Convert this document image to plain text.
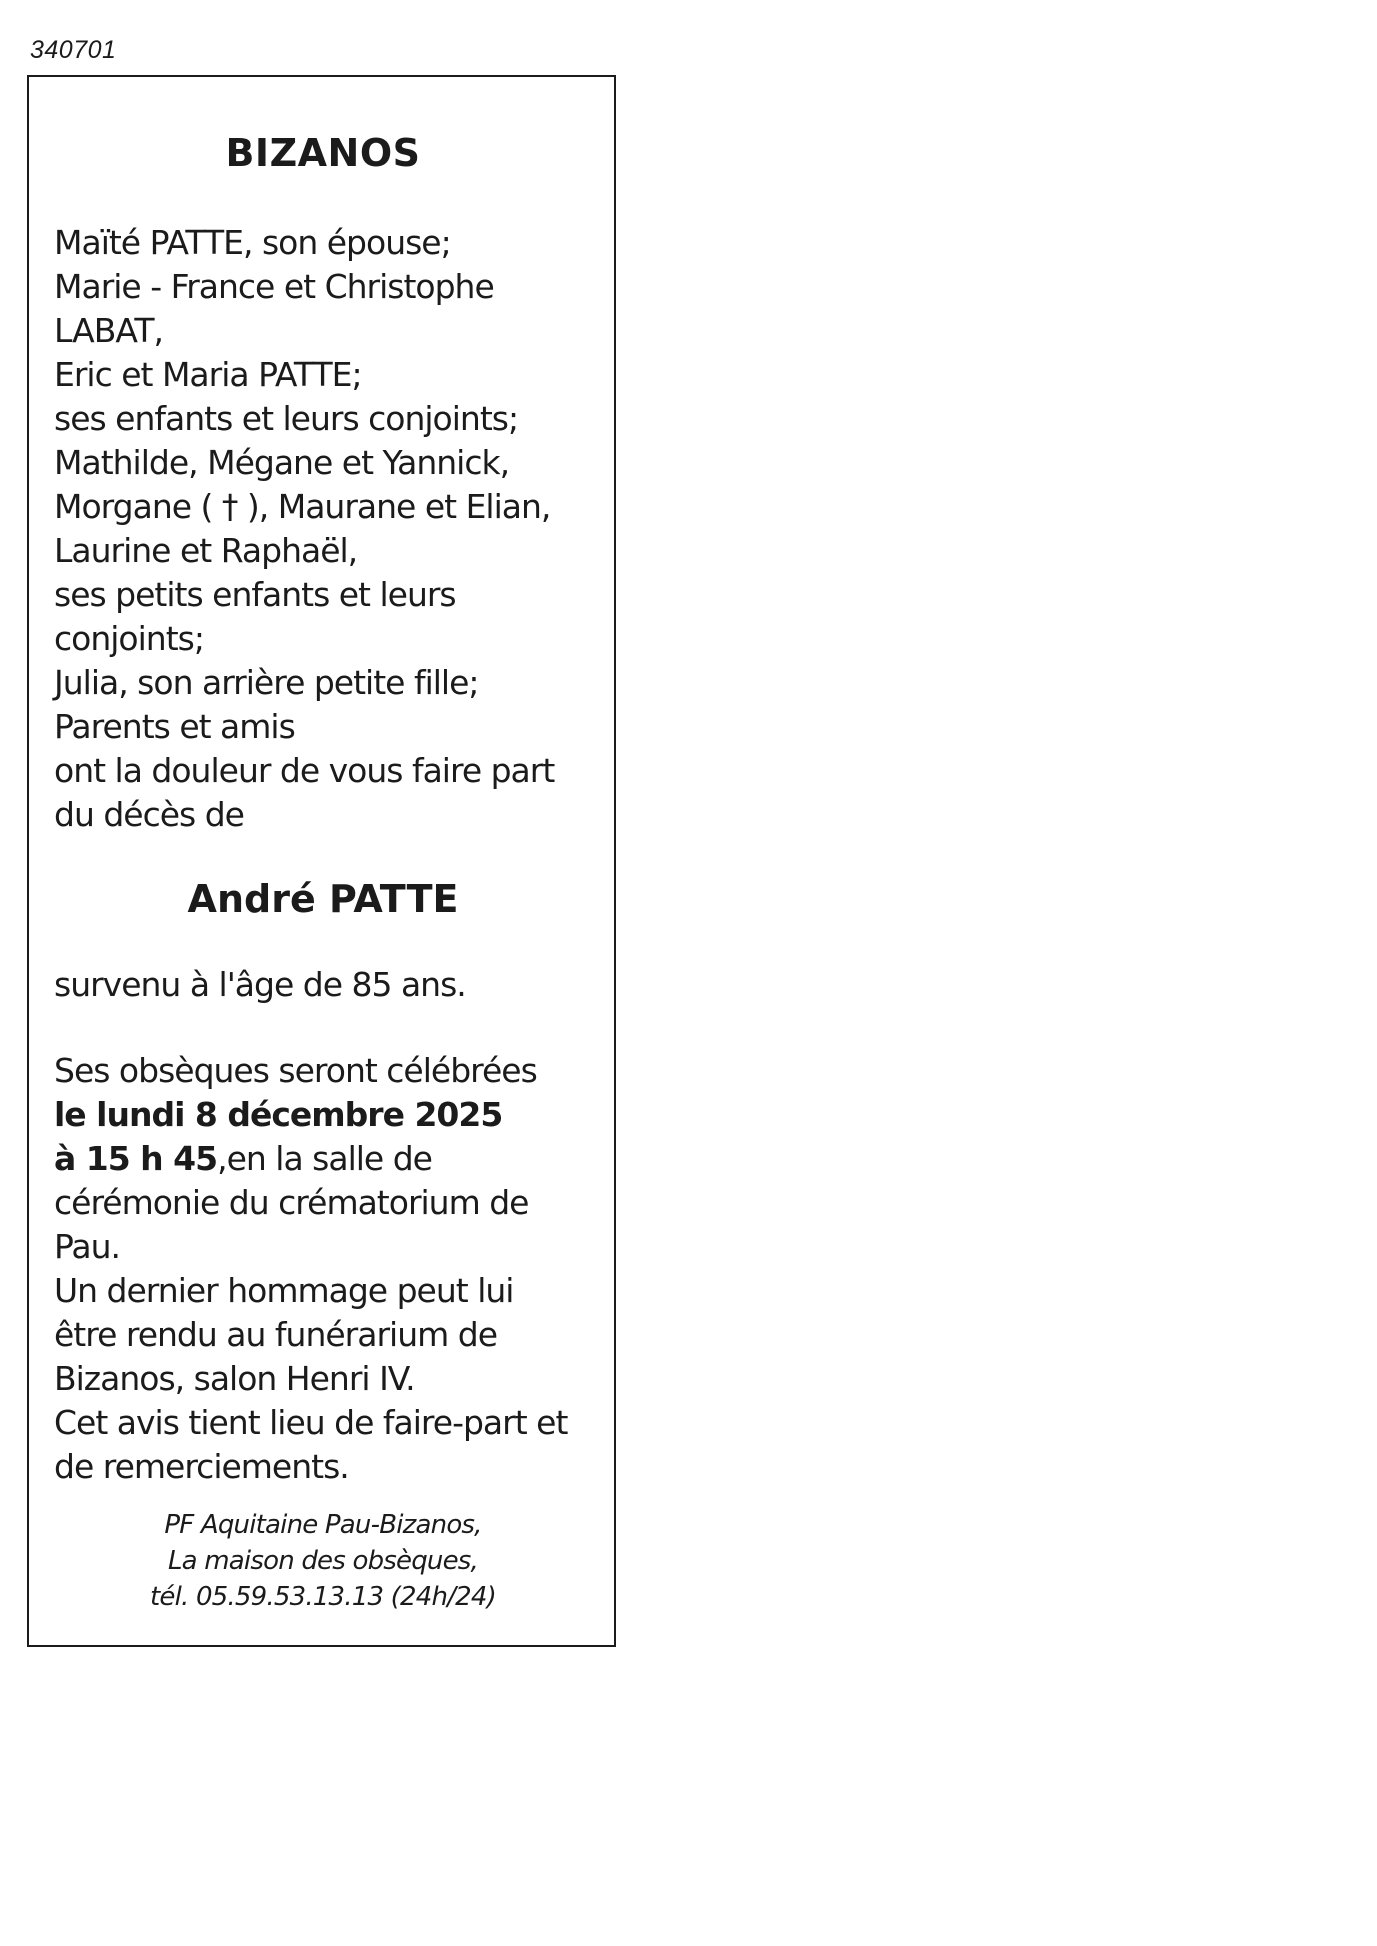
340701
BIZANOS
Maïté PATTE, son épouse;
Marie - France et Christophe
LABAT,
Eric et Maria PATTE;
ses enfants et leurs conjoints;
Mathilde, Mégane et Yannick,
Morgane ( † ), Maurane et Elian,
Laurine et Raphaël,
ses petits enfants et leurs
conjoints;
Julia, son arrière petite fille;
Parents et amis
ont la douleur de vous faire part
du décès de
André PATTE
survenu à l'âge de 85 ans.
Ses obsèques seront célébrées
le lundi 8 décembre 2025
à 15 h 45,en la salle de
cérémonie du crématorium de
Pau.
Un dernier hommage peut lui
être rendu au funérarium de
Bizanos, salon Henri IV.
Cet avis tient lieu de faire-part et
de remerciements.
PF Aquitaine Pau-Bizanos,
La maison des obsèques,
tél. 05.59.53.13.13 (24h/24)
